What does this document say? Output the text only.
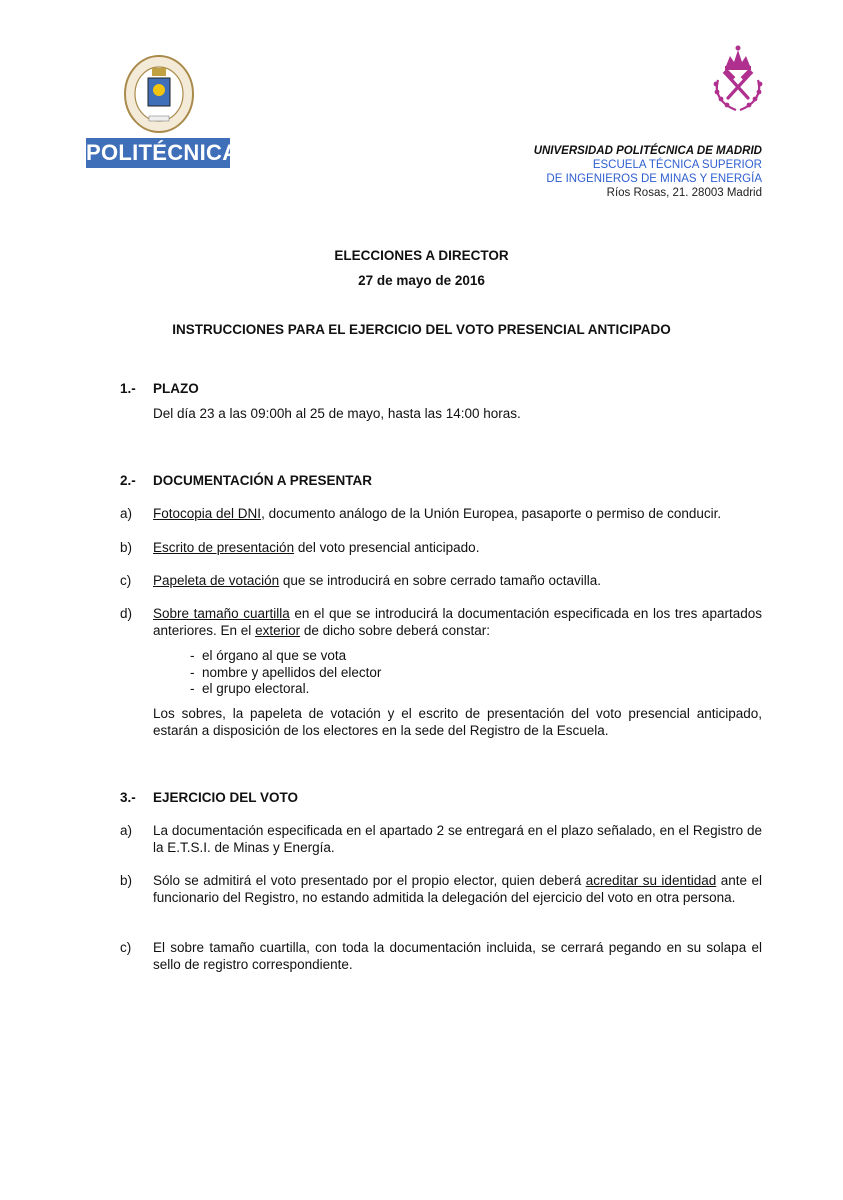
POLITÉCNICA	UNIVERSIDAD POLITÉCNICA DE MADRID
ESCUELA TÉCNICA SUPERIOR
DE INGENIEROS DE MINAS Y ENERGÍA
Ríos Rosas, 21. 28003 Madrid
ELECCIONES A DIRECTOR
27 de mayo de 2016
INSTRUCCIONES PARA EL EJERCICIO DEL VOTO PRESENCIAL ANTICIPADO
1.- PLAZO
Del día 23 a las 09:00h al 25 de mayo, hasta las 14:00 horas.
2.- DOCUMENTACIÓN A PRESENTAR
a) Fotocopia del DNI, documento análogo de la Unión Europea, pasaporte o permiso de conducir.
b) Escrito de presentación del voto presencial anticipado.
c) Papeleta de votación que se introducirá en sobre cerrado tamaño octavilla.
d) Sobre tamaño cuartilla en el que se introducirá la documentación especificada en los tres apartados anteriores. En el exterior de dicho sobre deberá constar:
-  el órgano al que se vota
-  nombre y apellidos del elector
-  el grupo electoral.
Los sobres, la papeleta de votación y el escrito de presentación del voto presencial anticipado, estarán a disposición de los electores en la sede del Registro de la Escuela.
3.- EJERCICIO DEL VOTO
a) La documentación especificada en el apartado 2 se entregará en el plazo señalado, en el Registro de la E.T.S.I. de Minas y Energía.
b) Sólo se admitirá el voto presentado por el propio elector, quien deberá acreditar su identidad ante el funcionario del Registro, no estando admitida la delegación del ejercicio del voto en otra persona.
c) El sobre tamaño cuartilla, con toda la documentación incluida, se cerrará pegando en su solapa el sello de registro correspondiente.
